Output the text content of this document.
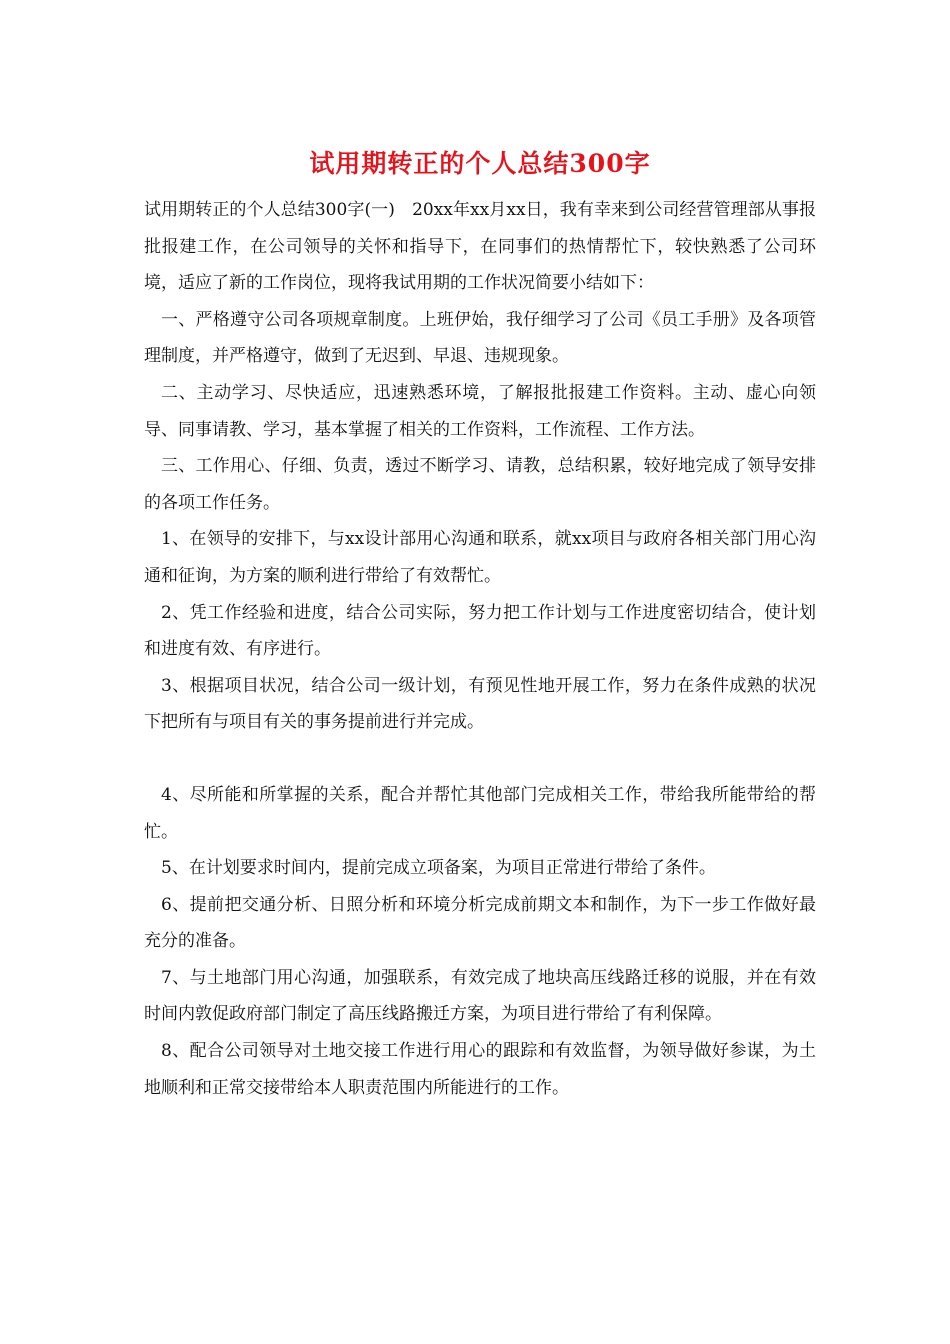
试用期转正的个人总结300字

试用期转正的个人总结300字(一)　20xx年xx月xx日，我有幸来到公司经营管理部从事报批报建工作，在公司领导的关怀和指导下，在同事们的热情帮忙下，较快熟悉了公司环境，适应了新的工作岗位，现将我试用期的工作状况简要小结如下：

一、严格遵守公司各项规章制度。上班伊始，我仔细学习了公司《员工手册》及各项管理制度，并严格遵守，做到了无迟到、早退、违规现象。

二、主动学习、尽快适应，迅速熟悉环境，了解报批报建工作资料。主动、虚心向领导、同事请教、学习，基本掌握了相关的工作资料，工作流程、工作方法。

三、工作用心、仔细、负责，透过不断学习、请教，总结积累，较好地完成了领导安排的各项工作任务。

1、在领导的安排下，与xx设计部用心沟通和联系，就xx项目与政府各相关部门用心沟通和征询，为方案的顺利进行带给了有效帮忙。

2、凭工作经验和进度，结合公司实际，努力把工作计划与工作进度密切结合，使计划和进度有效、有序进行。

3、根据项目状况，结合公司一级计划，有预见性地开展工作，努力在条件成熟的状况下把所有与项目有关的事务提前进行并完成。

4、尽所能和所掌握的关系，配合并帮忙其他部门完成相关工作，带给我所能带给的帮忙。

5、在计划要求时间内，提前完成立项备案，为项目正常进行带给了条件。

6、提前把交通分析、日照分析和环境分析完成前期文本和制作，为下一步工作做好最充分的准备。

7、与土地部门用心沟通，加强联系，有效完成了地块高压线路迁移的说服，并在有效时间内敦促政府部门制定了高压线路搬迁方案，为项目进行带给了有利保障。

8、配合公司领导对土地交接工作进行用心的跟踪和有效监督，为领导做好参谋，为土地顺利和正常交接带给本人职责范围内所能进行的工作。
